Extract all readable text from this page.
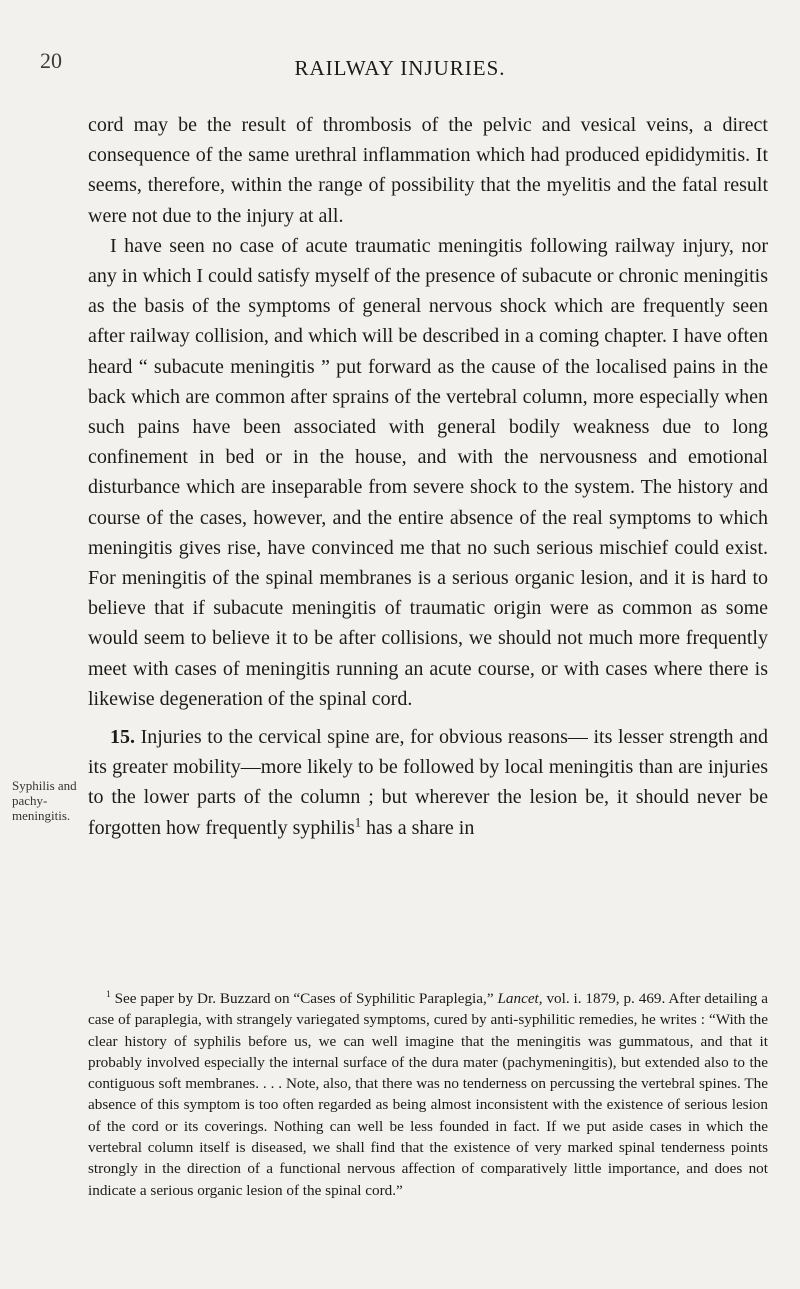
20	RAILWAY INJURIES.
Syphilis and pachy-meningitis.

cord may be the result of thrombosis of the pelvic and vesical veins, a direct consequence of the same urethral inflammation which had produced epididymitis. It seems, therefore, within the range of possibility that the myelitis and the fatal result were not due to the injury at all.

I have seen no case of acute traumatic meningitis following railway injury, nor any in which I could satisfy myself of the presence of subacute or chronic meningitis as the basis of the symptoms of general nervous shock which are frequently seen after railway collision, and which will be described in a coming chapter. I have often heard “ subacute meningitis ” put forward as the cause of the localised pains in the back which are common after sprains of the vertebral column, more especially when such pains have been associated with general bodily weakness due to long confinement in bed or in the house, and with the nervousness and emotional disturbance which are inseparable from severe shock to the system. The history and course of the cases, however, and the entire absence of the real symptoms to which meningitis gives rise, have convinced me that no such serious mischief could exist. For meningitis of the spinal membranes is a serious organic lesion, and it is hard to believe that if subacute meningitis of traumatic origin were as common as some would seem to believe it to be after collisions, we should not much more frequently meet with cases of meningitis running an acute course, or with cases where there is likewise degeneration of the spinal cord.

15. Injuries to the cervical spine are, for obvious reasons— its lesser strength and its greater mobility—more likely to be followed by local meningitis than are injuries to the lower parts of the column ; but wherever the lesion be, it should never be forgotten how frequently syphilis$^1$ has a share in

$^1$ See paper by Dr. Buzzard on “Cases of Syphilitic Paraplegia,” Lancet, vol. i. 1879, p. 469. After detailing a case of paraplegia, with strangely variegated symptoms, cured by anti-syphilitic remedies, he writes : “With the clear history of syphilis before us, we can well imagine that the meningitis was gummatous, and that it probably involved especially the internal surface of the dura mater (pachymeningitis), but extended also to the contiguous soft membranes. . . . Note, also, that there was no tenderness on percussing the vertebral spines. The absence of this symptom is too often regarded as being almost inconsistent with the existence of serious lesion of the cord or its coverings. Nothing can well be less founded in fact. If we put aside cases in which the vertebral column itself is diseased, we shall find that the existence of very marked spinal tenderness points strongly in the direction of a functional nervous affection of comparatively little importance, and does not indicate a serious organic lesion of the spinal cord.”
